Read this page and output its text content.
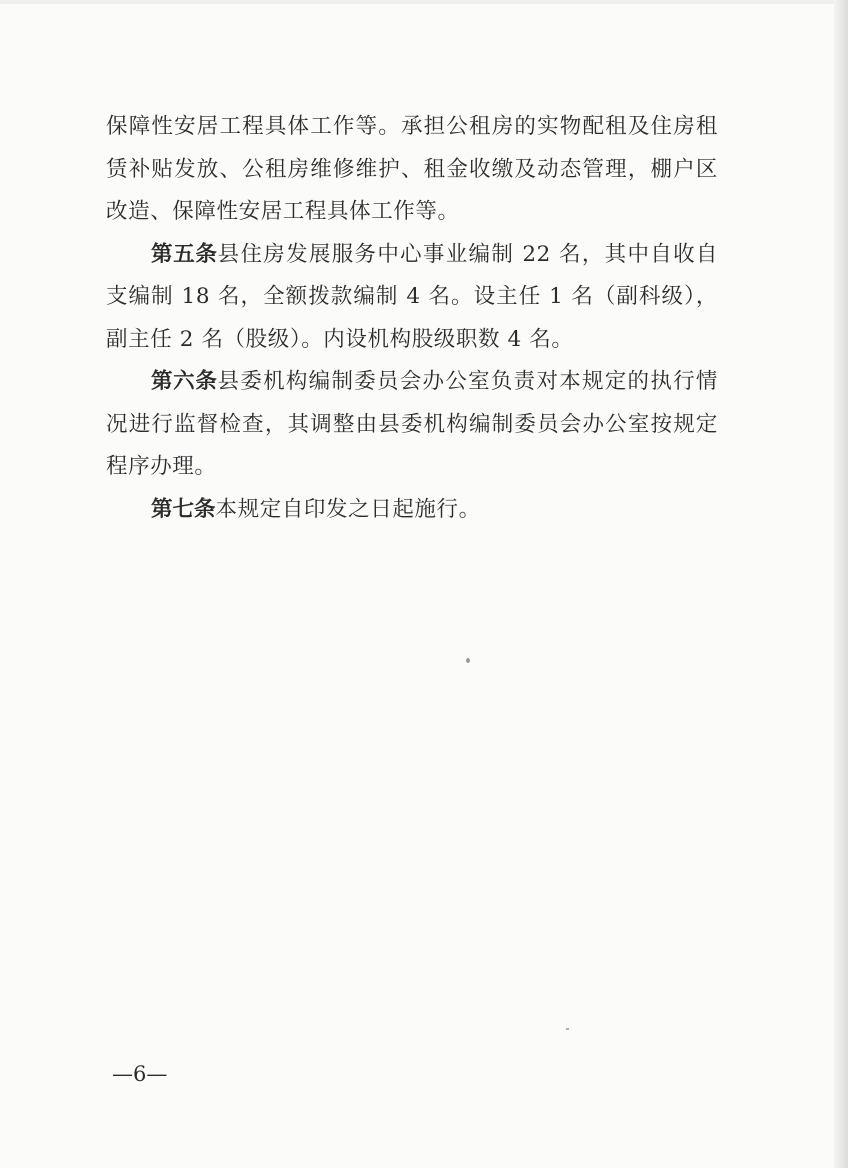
保障性安居工程具体工作等。承担公租房的实物配租及住房租赁补贴发放、公租房维修维护、租金收缴及动态管理，棚户区改造、保障性安居工程具体工作等。

第五条县住房发展服务中心事业编制 22 名，其中自收自支编制 18 名，全额拨款编制 4 名。设主任 1 名（副科级），副主任 2 名（股级）。内设机构股级职数 4 名。

第六条县委机构编制委员会办公室负责对本规定的执行情况进行监督检查，其调整由县委机构编制委员会办公室按规定程序办理。

第七条本规定自印发之日起施行。

—6—
